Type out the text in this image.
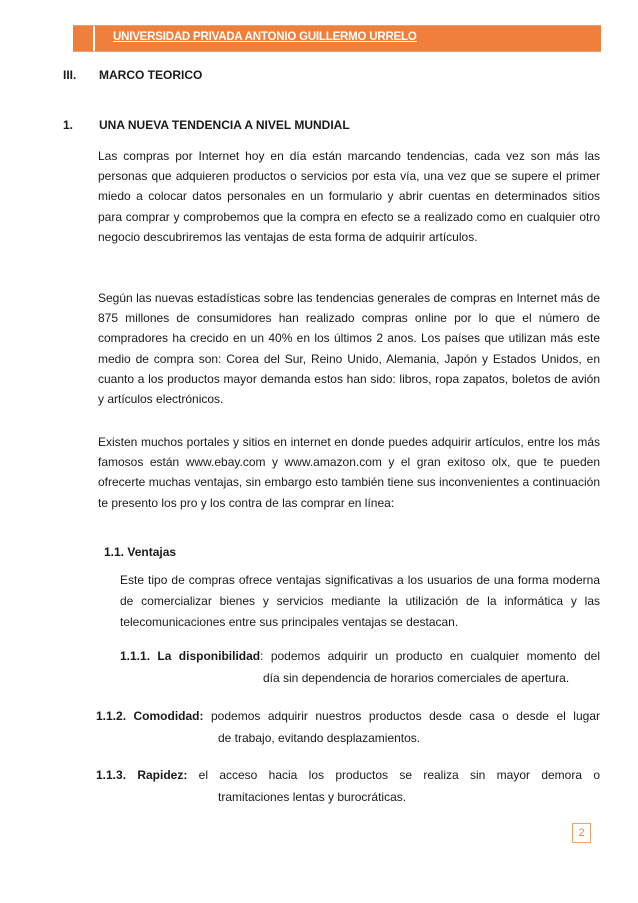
UNIVERSIDAD PRIVADA ANTONIO GUILLERMO URRELO
III. MARCO TEORICO
1. UNA NUEVA TENDENCIA A NIVEL MUNDIAL

Las compras por Internet hoy en día están marcando tendencias, cada vez son más las personas que adquieren productos o servicios por esta vía, una vez que se supere el primer miedo a colocar datos personales en un formulario y abrir cuentas en determinados sitios para comprar y comprobemos que la compra en efecto se a realizado como en cualquier otro negocio descubriremos las ventajas de esta forma de adquirir artículos.

Según las nuevas estadísticas sobre las tendencias generales de compras en Internet más de 875 millones de consumidores han realizado compras online por lo que el número de compradores ha crecido en un 40% en los últimos 2 anos. Los países que utilizan más este medio de compra son: Corea del Sur, Reino Unido, Alemania, Japón y Estados Unidos, en cuanto a los productos mayor demanda estos han sido: libros, ropa zapatos, boletos de avión y artículos electrónicos.

Existen muchos portales y sitios en internet en donde puedes adquirir artículos, entre los más famosos están www.ebay.com y www.amazon.com y el gran exitoso olx, que te pueden ofrecerte muchas ventajas, sin embargo esto también tiene sus inconvenientes a continuación te presento los pro y los contra de las comprar en línea:

1.1. Ventajas

Este tipo de compras ofrece ventajas significativas a los usuarios de una forma moderna de comercializar bienes y servicios mediante la utilización de la informática y las telecomunicaciones entre sus principales ventajas se destacan.

1.1.1. La disponibilidad: podemos adquirir un producto en cualquier momento del
día sin dependencia de horarios comerciales de apertura.
1.1.2. Comodidad: podemos adquirir nuestros productos desde casa o desde el lugar
de trabajo, evitando desplazamientos.
1.1.3. Rapidez: el acceso hacia los productos se realiza sin mayor demora o
tramitaciones lentas y burocráticas.
2
